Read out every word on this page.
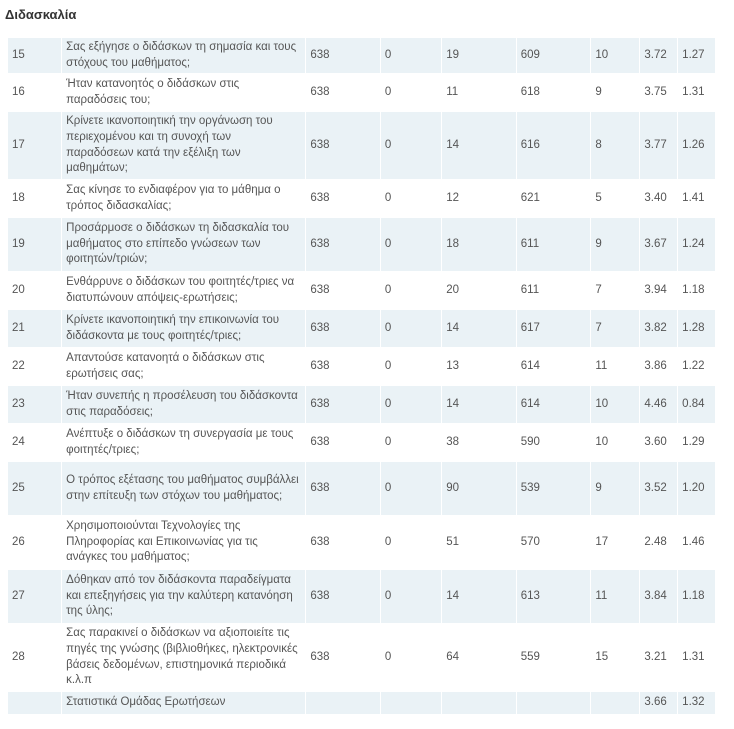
Διδασκαλία
15	Σας εξήγησε ο διδάσκων τη σημασία και τους στόχους του μαθήματος;	638	0	19	609	10	3.72	1.27
16	Ήταν κατανοητός ο διδάσκων στις παραδόσεις του;	638	0	11	618	9	3.75	1.31
17	Κρίνετε ικανοποιητική την οργάνωση του περιεχομένου και τη συνοχή των παραδόσεων κατά την εξέλιξη των μαθημάτων;	638	0	14	616	8	3.77	1.26
18	Σας κίνησε το ενδιαφέρον για το μάθημα ο τρόπος διδασκαλίας;	638	0	12	621	5	3.40	1.41
19	Προσάρμοσε ο διδάσκων τη διδασκαλία του μαθήματος στο επίπεδο γνώσεων των φοιτητών/τριών;	638	0	18	611	9	3.67	1.24
20	Ενθάρρυνε ο διδάσκων του φοιτητές/τριες να διατυπώνουν απόψεις-ερωτήσεις;	638	0	20	611	7	3.94	1.18
21	Κρίνετε ικανοποιητική την επικοινωνία του διδάσκοντα με τους φοιτητές/τριες;	638	0	14	617	7	3.82	1.28
22	Απαντούσε κατανοητά ο διδάσκων στις ερωτήσεις σας;	638	0	13	614	11	3.86	1.22
23	Ήταν συνεπής η προσέλευση του διδάσκοντα στις παραδόσεις;	638	0	14	614	10	4.46	0.84
24	Ανέπτυξε ο διδάσκων τη συνεργασία με τους φοιτητές/τριες;	638	0	38	590	10	3.60	1.29
25	Ο τρόπος εξέτασης του μαθήματος συμβάλλει στην επίτευξη των στόχων του μαθήματος;	638	0	90	539	9	3.52	1.20
26	Χρησιμοποιούνται Τεχνολογίες της Πληροφορίας και Επικοινωνίας για τις ανάγκες του μαθήματος;	638	0	51	570	17	2.48	1.46
27	Δόθηκαν από τον διδάσκοντα παραδείγματα και επεξηγήσεις για την καλύτερη κατανόηση της ύλης;	638	0	14	613	11	3.84	1.18
28	Σας παρακινεί ο διδάσκων να αξιοποιείτε τις πηγές της γνώσης (βιβλιοθήκες, ηλεκτρονικές βάσεις δεδομένων, επιστημονικά περιοδικά κ.λ.π	638	0	64	559	15	3.21	1.31
	Στατιστικά Ομάδας Ερωτήσεων						3.66	1.32
